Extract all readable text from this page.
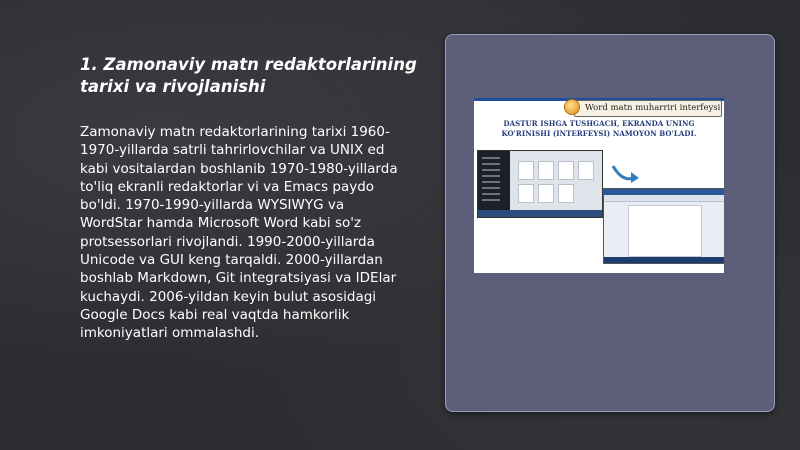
1. Zamonaviy matn redaktorlarining tarixi va rivojlanishi
Zamonaviy matn redaktorlarining tarixi 1960-1970-yillarda satrli tahrirlovchilar va UNIX ed kabi vositalardan boshlanib 1970-1980-yillarda to'liq ekranli redaktorlar vi va Emacs paydo bo'ldi. 1970-1990-yillarda WYSIWYG va WordStar hamda Microsoft Word kabi so'z protsessorlari rivojlandi. 1990-2000-yillarda Unicode va GUI keng tarqaldi. 2000-yillardan boshlab Markdown, Git integratsiyasi va IDElar kuchaydi. 2006-yildan keyin bulut asosidagi Google Docs kabi real vaqtda hamkorlik imkoniyatlari ommalashdi.
Word matn muharriri interfeysi
DASTUR ISHGA TUSHGACH, EKRANDA UNING
KO'RINISHI (INTERFEYSI) NAMOYON BO'LADI.
